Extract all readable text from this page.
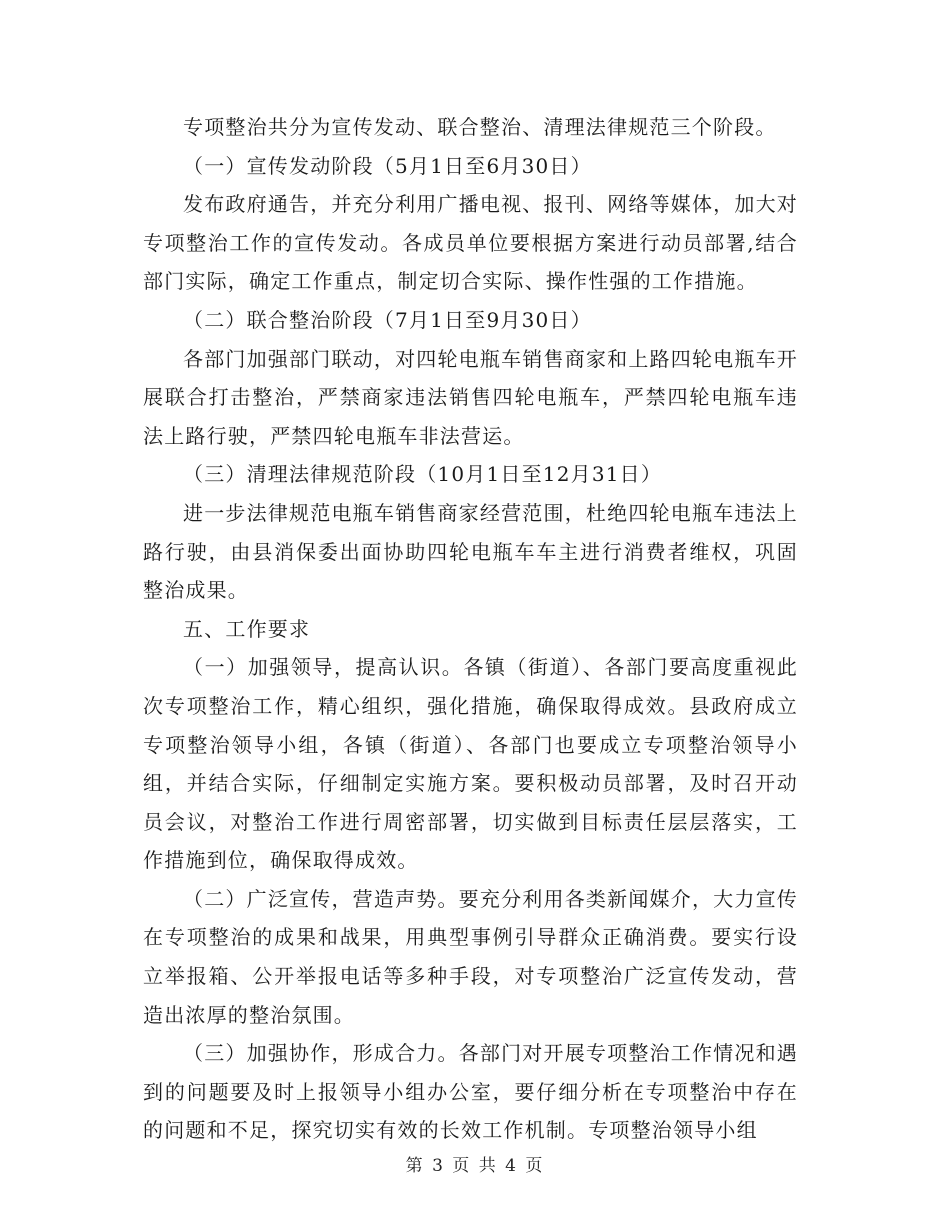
专项整治共分为宣传发动、联合整治、清理法律规范三个阶段。

（一）宣传发动阶段（5月1日至6月30日）

发布政府通告，并充分利用广播电视、报刊、网络等媒体，加大对专项整治工作的宣传发动。各成员单位要根据方案进行动员部署,结合部门实际，确定工作重点，制定切合实际、操作性强的工作措施。

（二）联合整治阶段（7月1日至9月30日）

各部门加强部门联动，对四轮电瓶车销售商家和上路四轮电瓶车开展联合打击整治，严禁商家违法销售四轮电瓶车，严禁四轮电瓶车违法上路行驶，严禁四轮电瓶车非法营运。

（三）清理法律规范阶段（10月1日至12月31日）

进一步法律规范电瓶车销售商家经营范围，杜绝四轮电瓶车违法上路行驶，由县消保委出面协助四轮电瓶车车主进行消费者维权，巩固整治成果。

五、工作要求

（一）加强领导，提高认识。各镇（街道）、各部门要高度重视此次专项整治工作，精心组织，强化措施，确保取得成效。县政府成立专项整治领导小组，各镇（街道）、各部门也要成立专项整治领导小组，并结合实际，仔细制定实施方案。要积极动员部署，及时召开动员会议，对整治工作进行周密部署，切实做到目标责任层层落实，工作措施到位，确保取得成效。

（二）广泛宣传，营造声势。要充分利用各类新闻媒介，大力宣传在专项整治的成果和战果，用典型事例引导群众正确消费。要实行设立举报箱、公开举报电话等多种手段，对专项整治广泛宣传发动，营造出浓厚的整治氛围。

（三）加强协作，形成合力。各部门对开展专项整治工作情况和遇到的问题要及时上报领导小组办公室，要仔细分析在专项整治中存在的问题和不足，探究切实有效的长效工作机制。专项整治领导小组

第 3 页 共 4 页
